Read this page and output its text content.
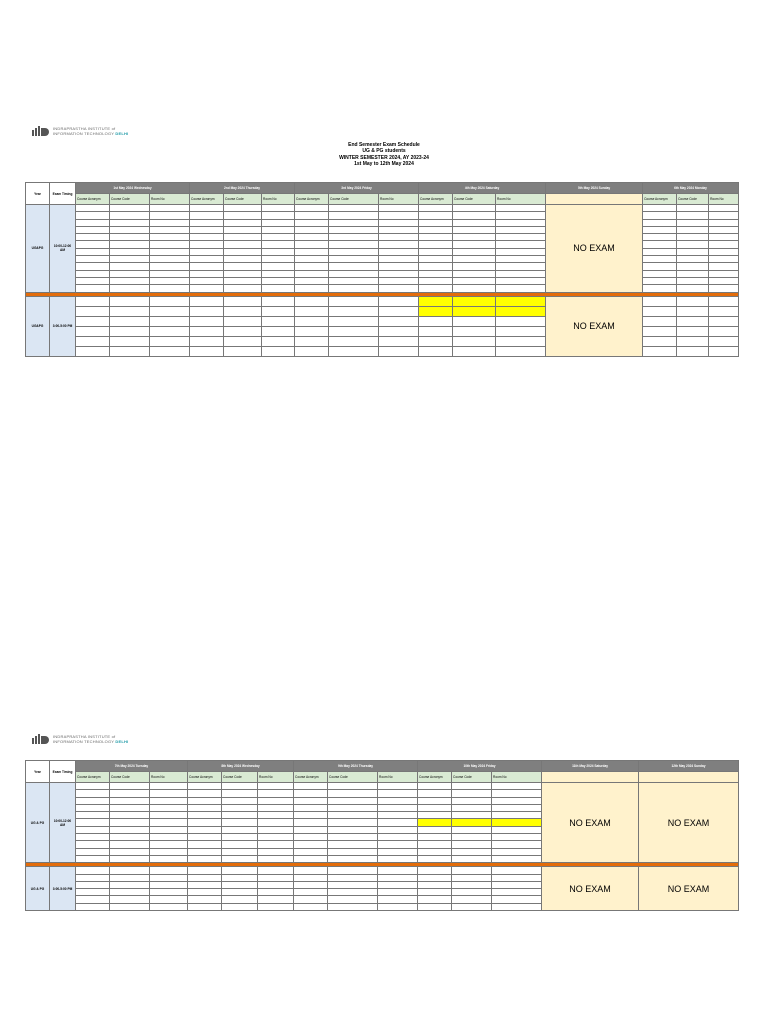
INDRAPRASTHA INSTITUTE of
INFORMATION TECHNOLOGY DELHI
End Semester Exam Schedule
UG & PG students
WINTER SEMESTER 2024, AY 2023-24
1st May to 12th May 2024
Year	Exam Timing	1st May 2024 Wednesday			2nd May 2024 Thursday			3rd May 2024 Friday			4th May 2024 Saturday			5th May 2024 Sunday	6th May 2024 Monday		
		Course Acronym	Course Code	Room No	Course Acronym	Course Code	Room No	Course Acronym	Course Code	Room No	Course Acronym	Course Code	Room No		Course Acronym	Course Code	Room No
UG&PG	10:00-12:00 AM													NO EXAM			

UG&PG	3:00-5:00 PM													NO EXAM			

INDRAPRASTHA INSTITUTE of
INFORMATION TECHNOLOGY DELHI
Year	Exam Timing	7th May 2024 Tuesday			8th May 2024 Wednesday			9th May 2024 Thursday			10th May 2024 Friday			11th May 2024 Saturday	12th May 2024 Sunday
		Course Acronym	Course Code	Room No	Course Acronym	Course Code	Room No	Course Acronym	Course Code	Room No	Course Acronym	Course Code	Room No		
UG & PG	10:00-12:00 AM													NO EXAM	NO EXAM

UG & PG	3:00-5:00 PM													NO EXAM	NO EXAM
